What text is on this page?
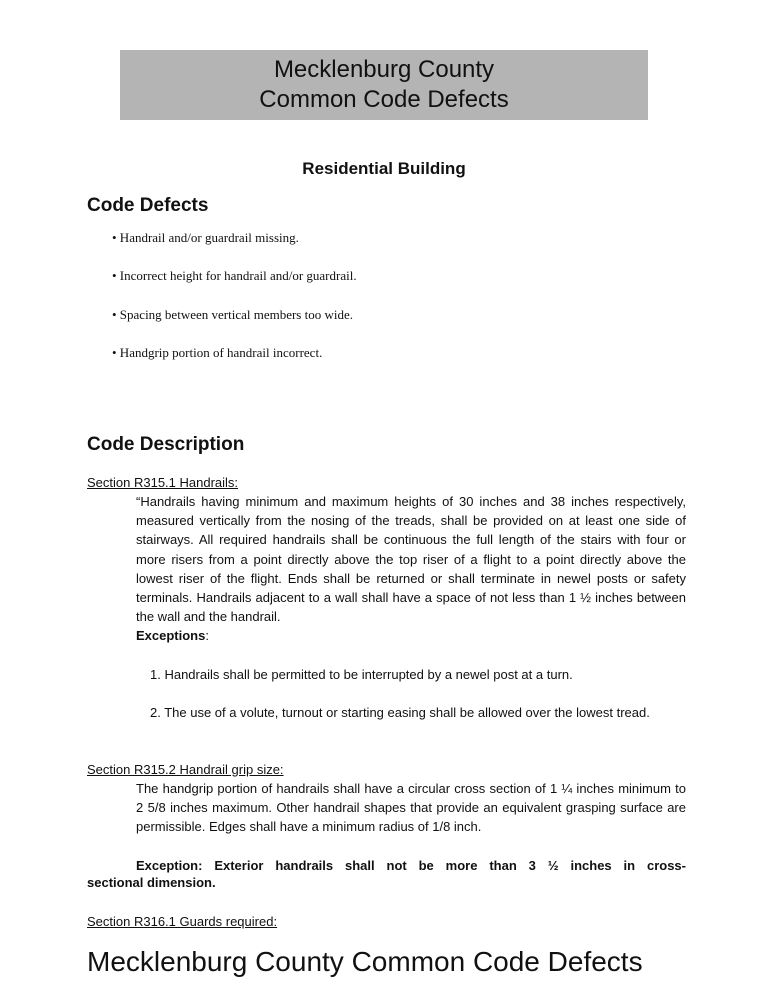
Mecklenburg County
Common Code Defects
Residential Building
Code Defects
• Handrail and/or guardrail missing.
• Incorrect height for handrail and/or guardrail.
• Spacing between vertical members too wide.
• Handgrip portion of handrail incorrect.
Code Description
Section R315.1 Handrails:
“Handrails having minimum and maximum heights of 30 inches and 38 inches respectively, measured vertically from the nosing of the treads, shall be provided on at least one side of stairways. All required handrails shall be continuous the full length of the stairs with four or more risers from a point directly above the top riser of a flight to a point directly above the lowest riser of the flight. Ends shall be returned or shall terminate in newel posts or safety terminals. Handrails adjacent to a wall shall have a space of not less than 1 ½ inches between the wall and the handrail.
Exceptions:
1. Handrails shall be permitted to be interrupted by a newel post at a turn.
2. The use of a volute, turnout or starting easing shall be allowed over the lowest tread.
Section R315.2 Handrail grip size:
The handgrip portion of handrails shall have a circular cross section of 1 ¼ inches minimum to 2 5/8 inches maximum. Other handrail shapes that provide an equivalent grasping surface are permissible. Edges shall have a minimum radius of 1/8 inch.
Exception: Exterior handrails shall not be more than 3 ½ inches in cross-
sectional dimension.
Section R316.1 Guards required:
Mecklenburg County Common Code Defects
